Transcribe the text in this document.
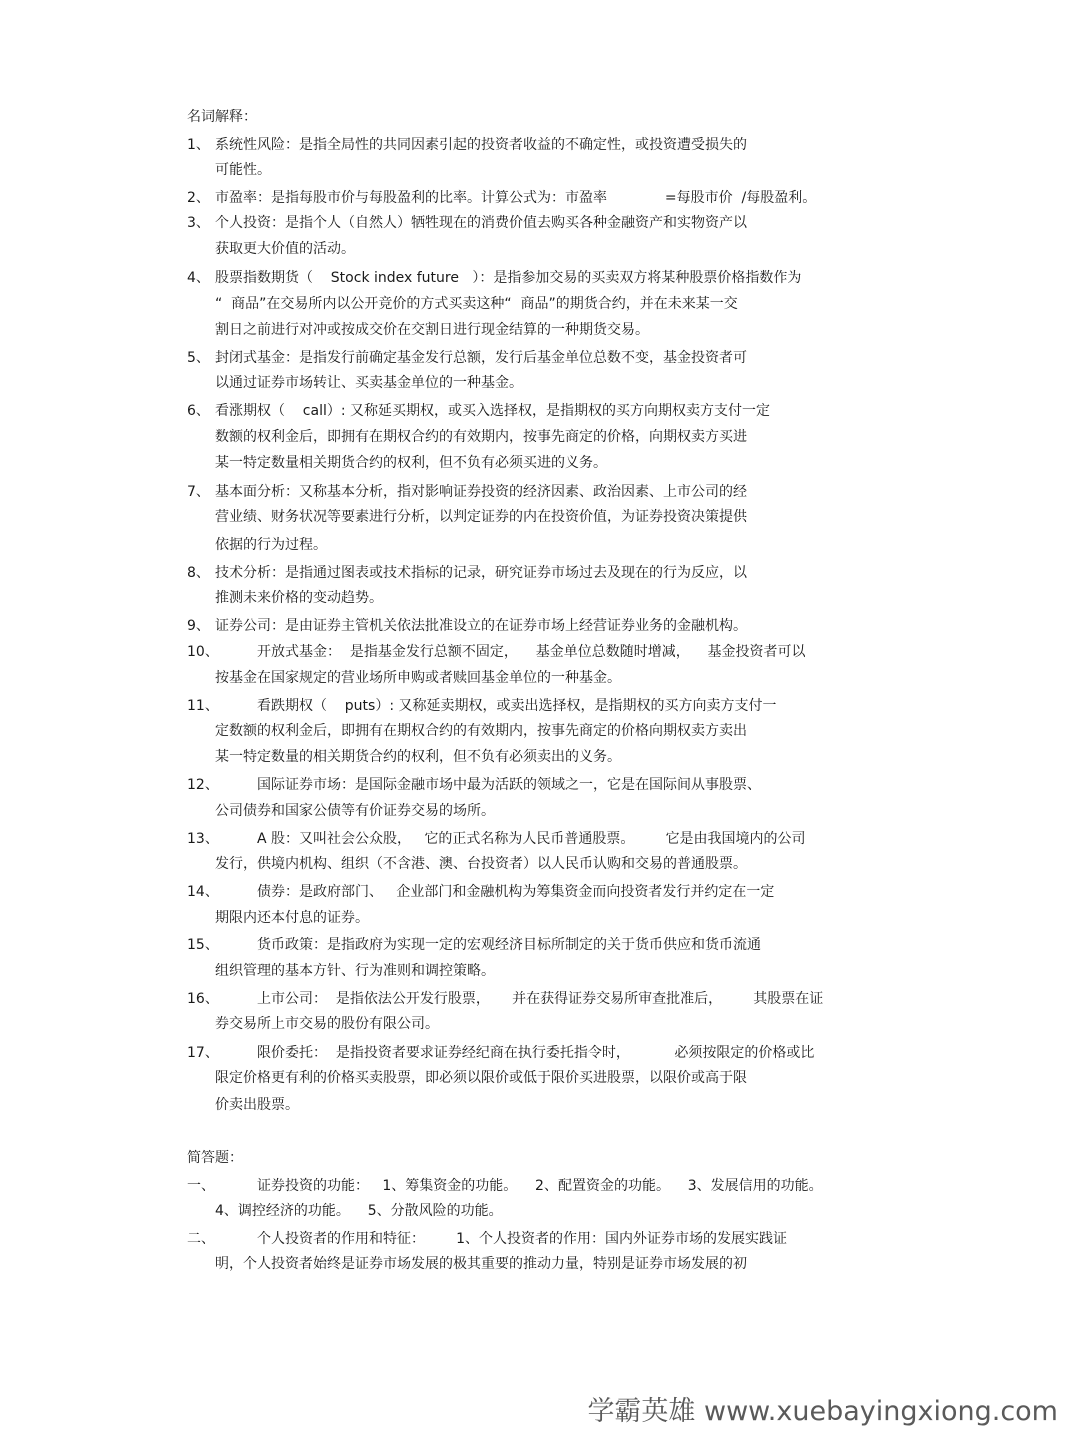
名词解释：
1、 系统性风险：是指全局性的共同因素引起的投资者收益的不确定性，或投资遭受损失的
可能性。
2、 市盈率：是指每股市价与每股盈利的比率。计算公式为：市盈率             =每股市价  /每股盈利。
3、 个人投资：是指个人（自然人）牺牲现在的消费价值去购买各种金融资产和实物资产以
获取更大价值的活动。
4、 股票指数期货（    Stock index future   ）：是指参加交易的买卖双方将某种股票价格指数作为
“  商品”在交易所内以公开竞价的方式买卖这种“  商品”的期货合约，并在未来某一交
割日之前进行对冲或按成交价在交割日进行现金结算的一种期货交易。
5、 封闭式基金：是指发行前确定基金发行总额，发行后基金单位总数不变，基金投资者可
以通过证券市场转让、买卖基金单位的一种基金。
6、 看涨期权（    call）: 又称延买期权，或买入选择权，是指期权的买方向期权卖方支付一定
数额的权利金后，即拥有在期权合约的有效期内，按事先商定的价格，向期权卖方买进
某一特定数量相关期货合约的权利，但不负有必须买进的义务。
7、 基本面分析：又称基本分析，指对影响证券投资的经济因素、政治因素、上市公司的经
营业绩、财务状况等要素进行分析，以判定证券的内在投资价值，为证券投资决策提供
依据的行为过程。
8、 技术分析：是指通过图表或技术指标的记录，研究证券市场过去及现在的行为反应，以
推测未来价格的变动趋势。
9、 证券公司：是由证券主管机关依法批准设立的在证券市场上经营证券业务的金融机构。
10、	开放式基金：  是指基金发行总额不固定，    基金单位总数随时增减，    基金投资者可以
按基金在国家规定的营业场所申购或者赎回基金单位的一种基金。
11、	看跌期权（    puts）: 又称延卖期权，或卖出选择权，是指期权的买方向卖方支付一
定数额的权利金后，即拥有在期权合约的有效期内，按事先商定的价格向期权卖方卖出
某一特定数量的相关期货合约的权利，但不负有必须卖出的义务。
12、	国际证券市场：是国际金融市场中最为活跃的领域之一，它是在国际间从事股票、
公司债券和国家公债等有价证券交易的场所。
13、	A 股：又叫社会公众股，   它的正式名称为人民币普通股票。       它是由我国境内的公司
发行，供境内机构、组织（不含港、澳、台投资者）以人民币认购和交易的普通股票。
14、	债券：是政府部门、   企业部门和金融机构为筹集资金而向投资者发行并约定在一定
期限内还本付息的证券。
15、	货币政策：是指政府为实现一定的宏观经济目标所制定的关于货币供应和货币流通
组织管理的基本方针、行为准则和调控策略。
16、	上市公司：  是指依法公开发行股票，     并在获得证券交易所审查批准后，       其股票在证
券交易所上市交易的股份有限公司。
17、	限价委托：  是指投资者要求证券经纪商在执行委托指令时，          必须按限定的价格或比
限定价格更有利的价格买卖股票，即必须以限价或低于限价买进股票，以限价或高于限
价卖出股票。
简答题：
一、	证券投资的功能：   1、筹集资金的功能。    2、配置资金的功能。    3、发展信用的功能。
4、调控经济的功能。    5、分散风险的功能。
二、	个人投资者的作用和特征：       1、个人投资者的作用：国内外证券市场的发展实践证
明，个人投资者始终是证券市场发展的极其重要的推动力量，特别是证券市场发展的初
学霸英雄 www.xuebayingxiong.com
